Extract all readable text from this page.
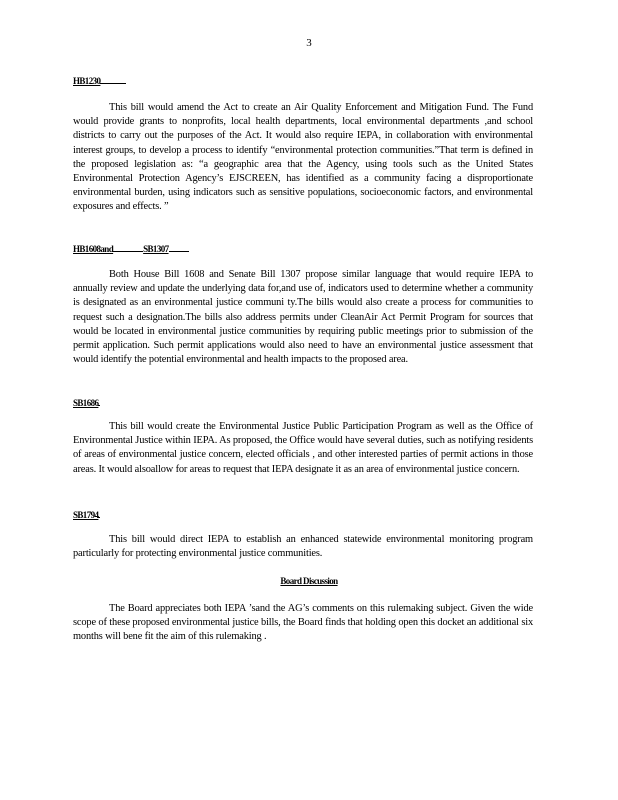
3
HB1230
This bill would amend the Act to create an Air Quality Enforcement and Mitigation Fund. The Fund would provide grants to nonprofits, local health departments, local environmental departments ,and school districts to carry out the purposes of the Act. It would also require IEPA, in collaboration with environmental interest groups, to develop a process to identify “environmental protection communities.”That term is defined in the proposed legislation as: “a geographic area that the Agency, using tools such as the United States Environmental Protection Agency’s EJSCREEN, has identified as a community facing a disproportionate environmental burden, using indicators such as sensitive populations, socioeconomic factors, and environmental exposures and effects. ”
HB1608and	SB1307
Both House Bill 1608 and Senate Bill 1307 propose similar language that would require IEPA to annually review and update the underlying data for,and use of, indicators used to determine whether a community is designated as an environmental justice communi ty.The bills would also create a process for communities to request such a designation.The bills also address permits under CleanAir Act Permit Program for sources that would be located in environmental justice communities by requiring public meetings prior to submission of the permit application. Such permit applications would also need to have an environmental justice assessment that would identify the potential environmental and health impacts to the proposed area.
SB1686
This bill would create the Environmental Justice Public Participation Program as well as the Office of Environmental Justice within IEPA. As proposed, the Office would have several duties, such as notifying residents of areas of environmental justice concern, elected officials , and other interested parties of permit actions in those areas. It would alsoallow for areas to request that IEPA designate it as an area of environmental justice concern.
SB1794
This bill would direct IEPA to establish an enhanced statewide environmental monitoring program particularly for protecting environmental justice communities.
Board Discussion
The Board appreciates both IEPA ’sand the AG’s comments on this rulemaking subject. Given the wide scope of these proposed environmental justice bills, the Board finds that holding open this docket an additional six months will bene fit the aim of this rulemaking .
